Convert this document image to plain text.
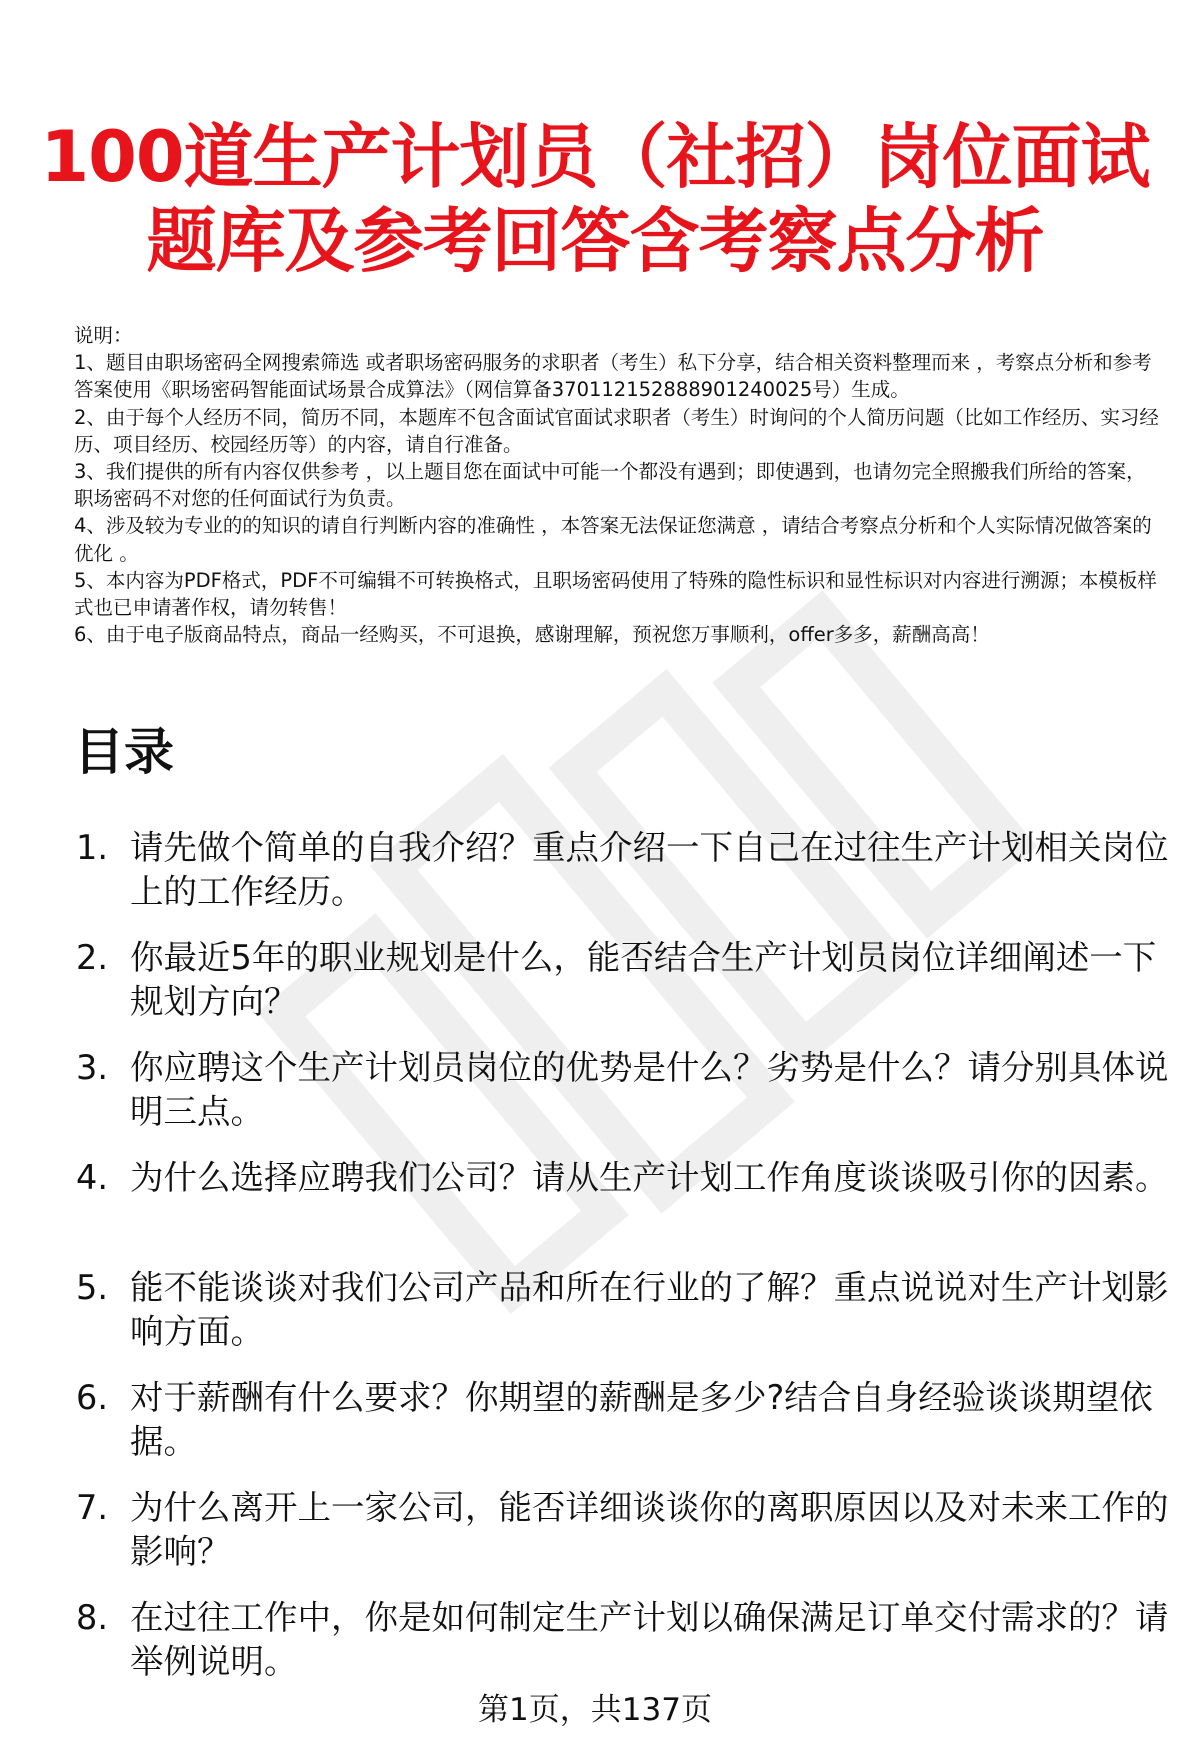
100道生产计划员（社招）岗位面试
题库及参考回答含考察点分析

说明：

1、题目由职场密码全网搜索筛选 或者职场密码服务的求职者（考生）私下分享，结合相关资料整理而来 ，考察点分析和参考答案使用《职场密码智能面试场景合成算法》（网信算备370112152888901240025号）生成。

2、由于每个人经历不同，简历不同，本题库不包含面试官面试求职者（考生）时询问的个人简历问题（比如工作经历、实习经历、项目经历、校园经历等）的内容，请自行准备。

3、我们提供的所有内容仅供参考 ，以上题目您在面试中可能一个都没有遇到；即使遇到，也请勿完全照搬我们所给的答案，职场密码不对您的任何面试行为负责。

4、涉及较为专业的的知识的请自行判断内容的准确性 ，本答案无法保证您满意 ，请结合考察点分析和个人实际情况做答案的优化 。

5、本内容为PDF格式，PDF不可编辑不可转换格式，且职场密码使用了特殊的隐性标识和显性标识对内容进行溯源；本模板样式也已申请著作权，请勿转售！

6、由于电子版商品特点，商品一经购买，不可退换，感谢理解，预祝您万事顺利，offer多多，薪酬高高！

目录
1. 请先做个简单的自我介绍？重点介绍一下自己在过往生产计划相关岗位上的工作经历。
2. 你最近5年的职业规划是什么，能否结合生产计划员岗位详细阐述一下规划方向？
3. 你应聘这个生产计划员岗位的优势是什么？劣势是什么？请分别具体说明三点。
4. 为什么选择应聘我们公司？请从生产计划工作角度谈谈吸引你的因素。
5. 能不能谈谈对我们公司产品和所在行业的了解？重点说说对生产计划影响方面。
6. 对于薪酬有什么要求？你期望的薪酬是多少?结合自身经验谈谈期望依据。
7. 为什么离开上一家公司，能否详细谈谈你的离职原因以及对未来工作的影响？
8. 在过往工作中，你是如何制定生产计划以确保满足订单交付需求的？请举例说明。
第1页，共137页
